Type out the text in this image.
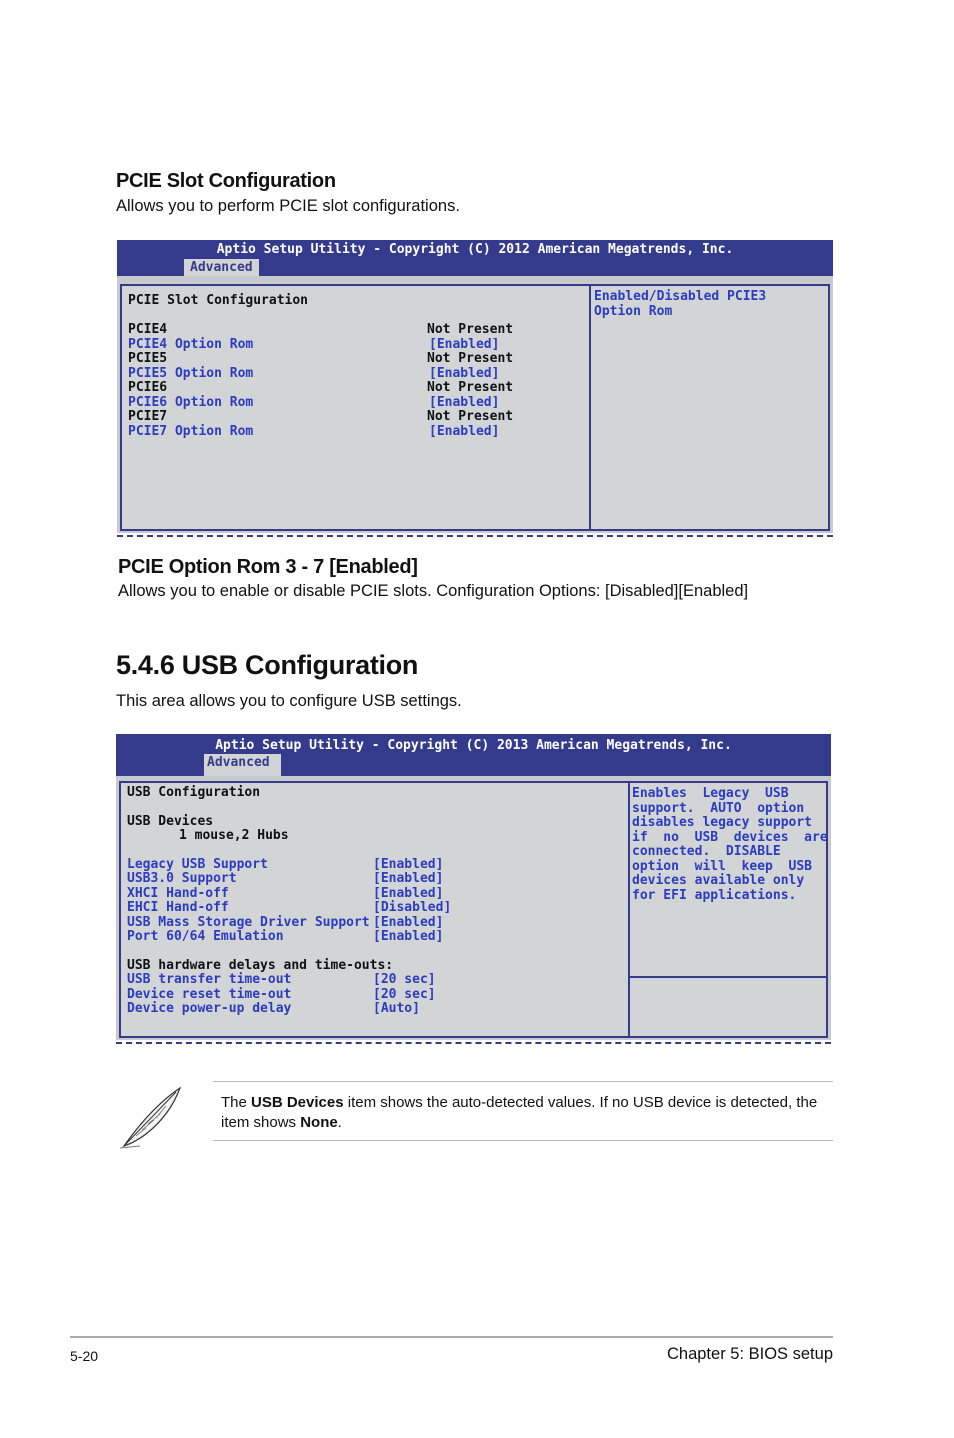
PCIE Slot Configuration

Allows you to perform PCIE slot configurations.

Aptio Setup Utility - Copyright (C) 2012 American Megatrends, Inc.
Advanced
PCIE Slot Configuration
PCIE4	Not Present
PCIE4 Option Rom	[Enabled]
PCIE5	Not Present
PCIE5 Option Rom	[Enabled]
PCIE6	Not Present
PCIE6 Option Rom	[Enabled]
PCIE7	Not Present
PCIE7 Option Rom	[Enabled]
Enabled/Disabled PCIE3
Option Rom
PCIE Option Rom 3 - 7 [Enabled]

Allows you to enable or disable PCIE slots. Configuration Options: [Disabled][Enabled]

5.4.6 USB Configuration

This area allows you to configure USB settings.

Aptio Setup Utility - Copyright (C) 2013 American Megatrends, Inc.
Advanced
USB Configuration
USB Devices
1 mouse,2 Hubs
Legacy USB Support	[Enabled]
USB3.0 Support	[Enabled]
XHCI Hand-off	[Enabled]
EHCI Hand-off	[Disabled]
USB Mass Storage Driver Support [Enabled]
Port 60/64 Emulation	[Enabled]
USB hardware delays and time-outs:
USB transfer time-out	[20 sec]
Device reset time-out	[20 sec]
Device power-up delay	[Auto]
Enables  Legacy  USB
support.  AUTO  option
disables legacy support
if  no  USB  devices  are
connected.  DISABLE
option  will  keep  USB
devices available only
for EFI applications.
The USB Devices item shows the auto-detected values. If no USB device is detected, the item shows None.
5-20	Chapter 5: BIOS setup
